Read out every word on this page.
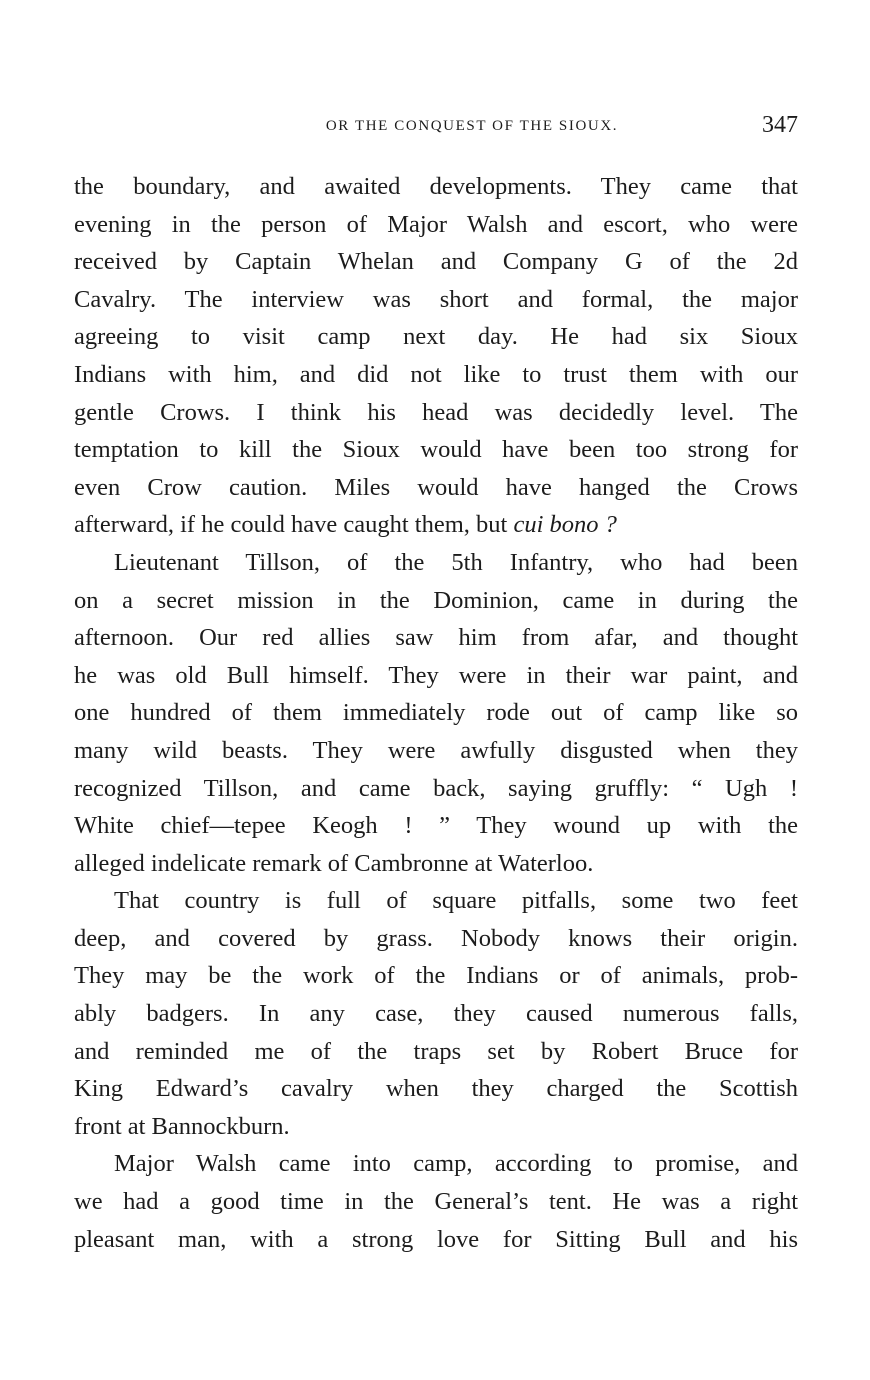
OR THE CONQUEST OF THE SIOUX.	347
the boundary, and awaited developments. They came that
evening in the person of Major Walsh and escort, who were
received by Captain Whelan and Company G of the 2d
Cavalry. The interview was short and formal, the major
agreeing to visit camp next day. He had six Sioux
Indians with him, and did not like to trust them with our
gentle Crows. I think his head was decidedly level. The
temptation to kill the Sioux would have been too strong for
even Crow caution. Miles would have hanged the Crows
afterward, if he could have caught them, but cui bono ?
Lieutenant Tillson, of the 5th Infantry, who had been
on a secret mission in the Dominion, came in during the
afternoon. Our red allies saw him from afar, and thought
he was old Bull himself. They were in their war paint, and
one hundred of them immediately rode out of camp like so
many wild beasts. They were awfully disgusted when they
recognized Tillson, and came back, saying gruffly: “ Ugh !
White chief—tepee Keogh ! ” They wound up with the
alleged indelicate remark of Cambronne at Waterloo.
That country is full of square pitfalls, some two feet
deep, and covered by grass. Nobody knows their origin.
They may be the work of the Indians or of animals, prob-
ably badgers. In any case, they caused numerous falls,
and reminded me of the traps set by Robert Bruce for
King Edward’s cavalry when they charged the Scottish
front at Bannockburn.
Major Walsh came into camp, according to promise, and
we had a good time in the General’s tent. He was a right
pleasant man, with a strong love for Sitting Bull and his
